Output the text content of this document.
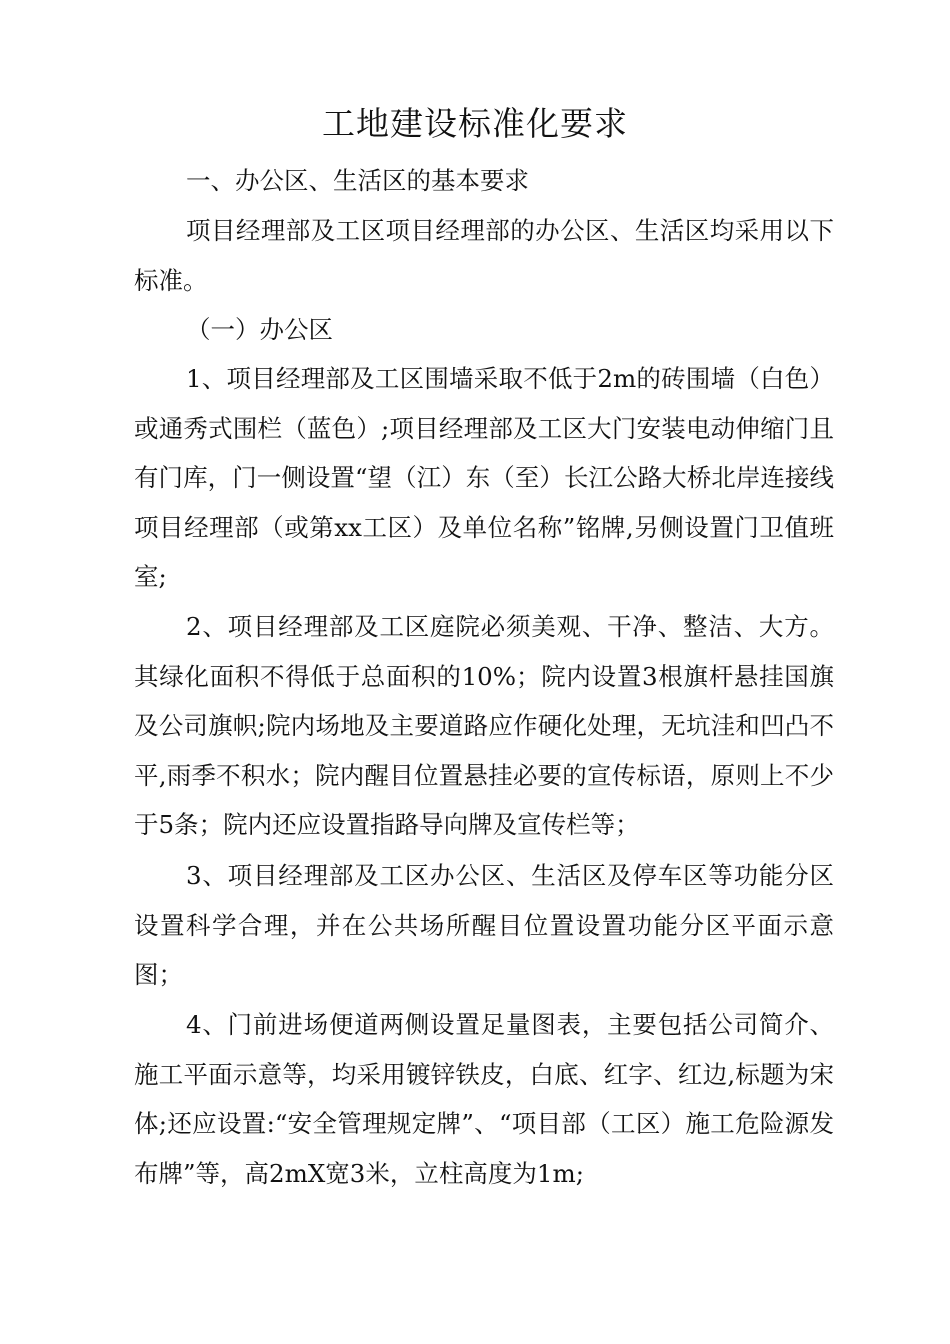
工地建设标准化要求

一、办公区、生活区的基本要求

项目经理部及工区项目经理部的办公区、生活区均采用以下标准。

（一）办公区

1、项目经理部及工区围墙采取不低于2m的砖围墙（白色）或通秀式围栏（蓝色）;项目经理部及工区大门安装电动伸缩门且有门库，门一侧设置“望（江）东（至）长江公路大桥北岸连接线项目经理部（或第xx工区）及单位名称”铭牌,另侧设置门卫值班室;

2、项目经理部及工区庭院必须美观、干净、整洁、大方。其绿化面积不得低于总面积的10%；院内设置3根旗杆悬挂国旗及公司旗帜;院内场地及主要道路应作硬化处理，无坑洼和凹凸不平,雨季不积水；院内醒目位置悬挂必要的宣传标语，原则上不少于5条；院内还应设置指路导向牌及宣传栏等；

3、项目经理部及工区办公区、生活区及停车区等功能分区设置科学合理，并在公共场所醒目位置设置功能分区平面示意图；

4、门前进场便道两侧设置足量图表，主要包括公司简介、施工平面示意等，均采用镀锌铁皮，白底、红字、红边,标题为宋体;还应设置:“安全管理规定牌”、“项目部（工区）施工危险源发布牌”等，高2mX宽3米，立柱高度为1m;
